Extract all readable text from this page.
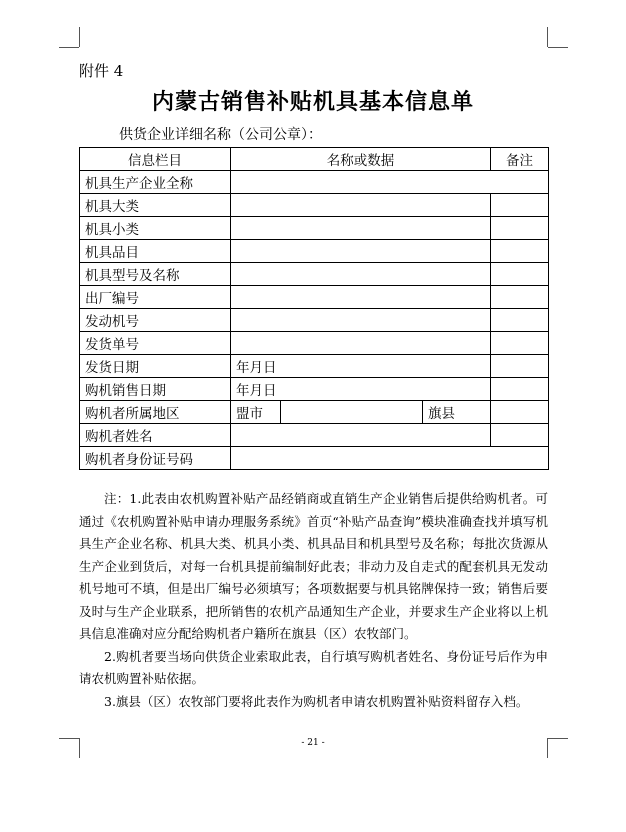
附件 4
内蒙古销售补贴机具基本信息单
供货企业详细名称（公司公章）：
信息栏目	名称或数据			备注
机具生产企业全称				
机具大类				
机具小类				
机具品目				
机具型号及名称				
出厂编号				
发动机号				
发货单号				
发货日期	年月日			
购机销售日期	年月日			
购机者所属地区	盟市		旗县	
购机者姓名				
购机者身份证号码				

注：1.此表由农机购置补贴产品经销商或直销生产企业销售后提供给购机者。可通过《农机购置补贴申请办理服务系统》首页“补贴产品查询”模块准确查找并填写机具生产企业名称、机具大类、机具小类、机具品目和机具型号及名称；每批次货源从生产企业到货后，对每一台机具提前编制好此表；非动力及自走式的配套机具无发动机号地可不填，但是出厂编号必须填写；各项数据要与机具铭牌保持一致；销售后要及时与生产企业联系，把所销售的农机产品通知生产企业，并要求生产企业将以上机具信息准确对应分配给购机者户籍所在旗县（区）农牧部门。

2.购机者要当场向供货企业索取此表，自行填写购机者姓名、身份证号后作为申请农机购置补贴依据。

3.旗县（区）农牧部门要将此表作为购机者申请农机购置补贴资料留存入档。

- 21 -
